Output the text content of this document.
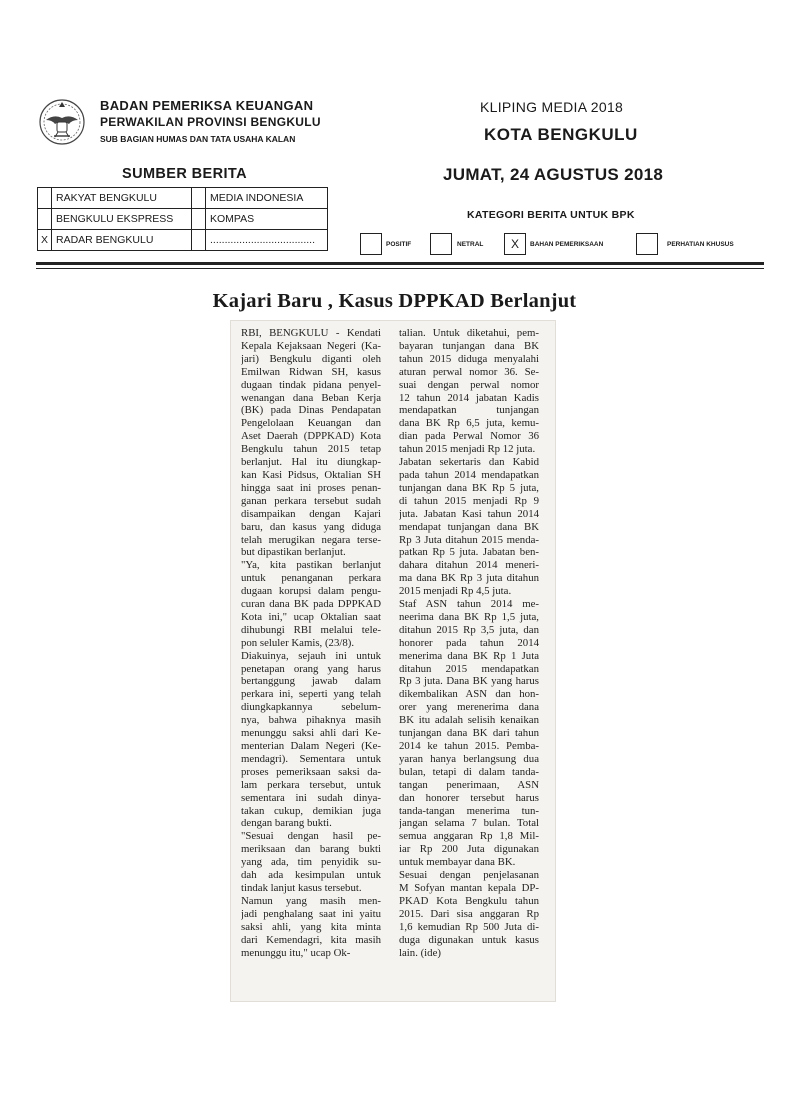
BADAN PEMERIKSA KEUANGAN
PERWAKILAN PROVINSI BENGKULU
SUB BAGIAN HUMAS DAN TATA USAHA KALAN
KLIPING MEDIA 2018
KOTA BENGKULU
SUMBER BERITA	JUMAT, 24 AGUSTUS 2018
	RAKYAT BENGKULU		MEDIA INDONESIA
	BENGKULU EKSPRESS		KOMPAS
X	RADAR BENGKULU		....................................
KATEGORI BERITA UNTUK BPK
POSITIF	NETRAL	X	BAHAN PEMERIKSAAN	PERHATIAN KHUSUS
Kajari Baru , Kasus DPPKAD Berlanjut
RBI, BENGKULU - Kendati
Kepala Kejaksaan Negeri (Ka-
jari) Bengkulu diganti oleh
Emilwan Ridwan SH, kasus
dugaan tindak pidana penyel-
wenangan dana Beban Kerja
(BK) pada Dinas Pendapatan
Pengelolaan Keuangan dan
Aset Daerah (DPPKAD) Kota
Bengkulu tahun 2015 tetap
berlanjut. Hal itu diungkap-
kan Kasi Pidsus, Oktalian SH
hingga saat ini proses penan-
ganan perkara tersebut sudah
disampaikan dengan Kajari
baru, dan kasus yang diduga
telah merugikan negara terse-
but dipastikan berlanjut.
"Ya, kita pastikan berlanjut
untuk penanganan perkara
dugaan korupsi dalam pengu-
curan dana BK pada DPPKAD
Kota ini," ucap Oktalian saat
dihubungi RBI melalui tele-
pon seluler Kamis, (23/8).
Diakuinya, sejauh ini untuk
penetapan orang yang harus
bertanggung jawab dalam
perkara ini, seperti yang telah
diungkapkannya sebelum-
nya, bahwa pihaknya masih
menunggu saksi ahli dari Ke-
menterian Dalam Negeri (Ke-
mendagri). Sementara untuk
proses pemeriksaan saksi da-
lam perkara tersebut, untuk
sementara ini sudah dinya-
takan cukup, demikian juga
dengan barang bukti.
"Sesuai dengan hasil pe-
meriksaan dan barang bukti
yang ada, tim penyidik su-
dah ada kesimpulan untuk
tindak lanjut kasus tersebut.
Namun yang masih men-
jadi penghalang saat ini yaitu
saksi ahli, yang kita minta
dari Kemendagri, kita masih
menunggu itu," ucap Ok-
talian. Untuk diketahui, pem-
bayaran tunjangan dana BK
tahun 2015 diduga menyalahi
aturan perwal nomor 36. Se-
suai dengan perwal nomor
12 tahun 2014 jabatan Kadis
mendapatkan tunjangan
dana BK Rp 6,5 juta, kemu-
dian pada Perwal Nomor 36
tahun 2015 menjadi Rp 12 juta.
Jabatan sekertaris dan Kabid
pada tahun 2014 mendapatkan
tunjangan dana BK Rp 5 juta,
di tahun 2015 menjadi Rp 9
juta. Jabatan Kasi tahun 2014
mendapat tunjangan dana BK
Rp 3 Juta ditahun 2015 menda-
patkan Rp 5 juta. Jabatan ben-
dahara ditahun 2014 meneri-
ma dana BK Rp 3 juta ditahun
2015 menjadi Rp 4,5 juta.
Staf ASN tahun 2014 me-
neerima dana BK Rp 1,5 juta,
ditahun 2015 Rp 3,5 juta, dan
honorer pada tahun 2014
menerima dana BK Rp 1 Juta
ditahun 2015 mendapatkan
Rp 3 juta. Dana BK yang harus
dikembalikan ASN dan hon-
orer yang merenerima dana
BK itu adalah selisih kenaikan
tunjangan dana BK dari tahun
2014 ke tahun 2015. Pemba-
yaran hanya berlangsung dua
bulan, tetapi di dalam tanda-
tangan penerimaan, ASN
dan honorer tersebut harus
tanda-tangan menerima tun-
jangan selama 7 bulan. Total
semua anggaran Rp 1,8 Mil-
iar Rp 200 Juta digunakan
untuk membayar dana BK.
Sesuai dengan penjelasanan
M Sofyan mantan kepala DP-
PKAD Kota Bengkulu tahun
2015. Dari sisa anggaran Rp
1,6 kemudian Rp 500 Juta di-
duga digunakan untuk kasus
lain. (ide)
